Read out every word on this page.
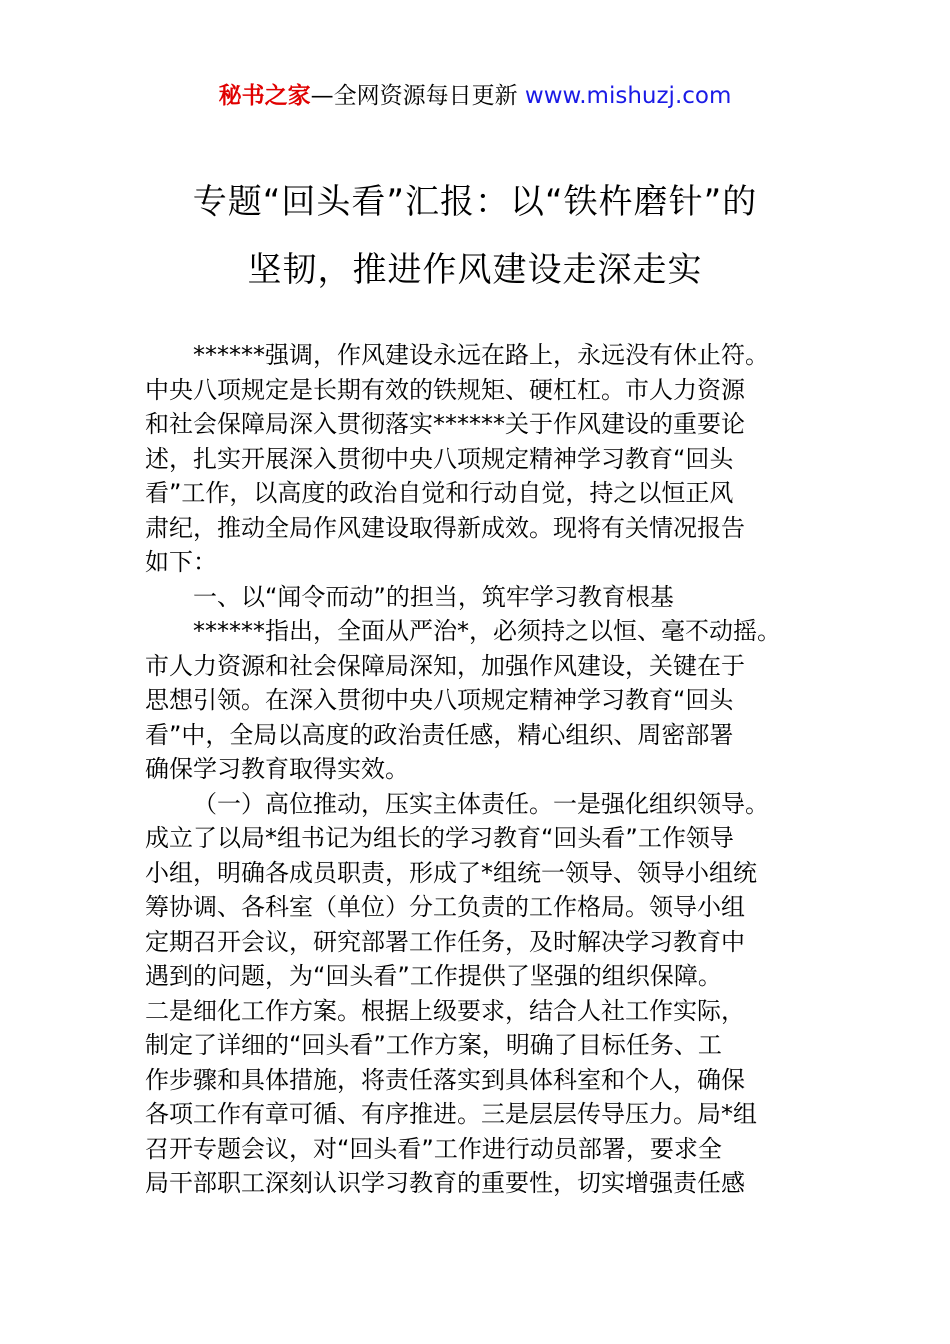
秘书之家—全网资源每日更新 www.mishuzj.com
专题“回头看”汇报：以“铁杵磨针”的
坚韧，推进作风建设走深走实
******强调，作风建设永远在路上，永远没有休止符。
中央八项规定是长期有效的铁规矩、硬杠杠。市人力资源
和社会保障局深入贯彻落实******关于作风建设的重要论
述，扎实开展深入贯彻中央八项规定精神学习教育“回头
看”工作，以高度的政治自觉和行动自觉，持之以恒正风
肃纪，推动全局作风建设取得新成效。现将有关情况报告
如下：
一、以“闻令而动”的担当，筑牢学习教育根基
******指出，全面从严治*，必须持之以恒、毫不动摇。
市人力资源和社会保障局深知，加强作风建设，关键在于
思想引领。在深入贯彻中央八项规定精神学习教育“回头
看”中，全局以高度的政治责任感，精心组织、周密部署
确保学习教育取得实效。
（一）高位推动，压实主体责任。一是强化组织领导。
成立了以局*组书记为组长的学习教育“回头看”工作领导
小组，明确各成员职责，形成了*组统一领导、领导小组统
筹协调、各科室（单位）分工负责的工作格局。领导小组
定期召开会议，研究部署工作任务，及时解决学习教育中
遇到的问题，为“回头看”工作提供了坚强的组织保障。
二是细化工作方案。根据上级要求，结合人社工作实际，
制定了详细的“回头看”工作方案，明确了目标任务、工
作步骤和具体措施，将责任落实到具体科室和个人，确保
各项工作有章可循、有序推进。三是层层传导压力。局*组
召开专题会议，对“回头看”工作进行动员部署，要求全
局干部职工深刻认识学习教育的重要性，切实增强责任感
